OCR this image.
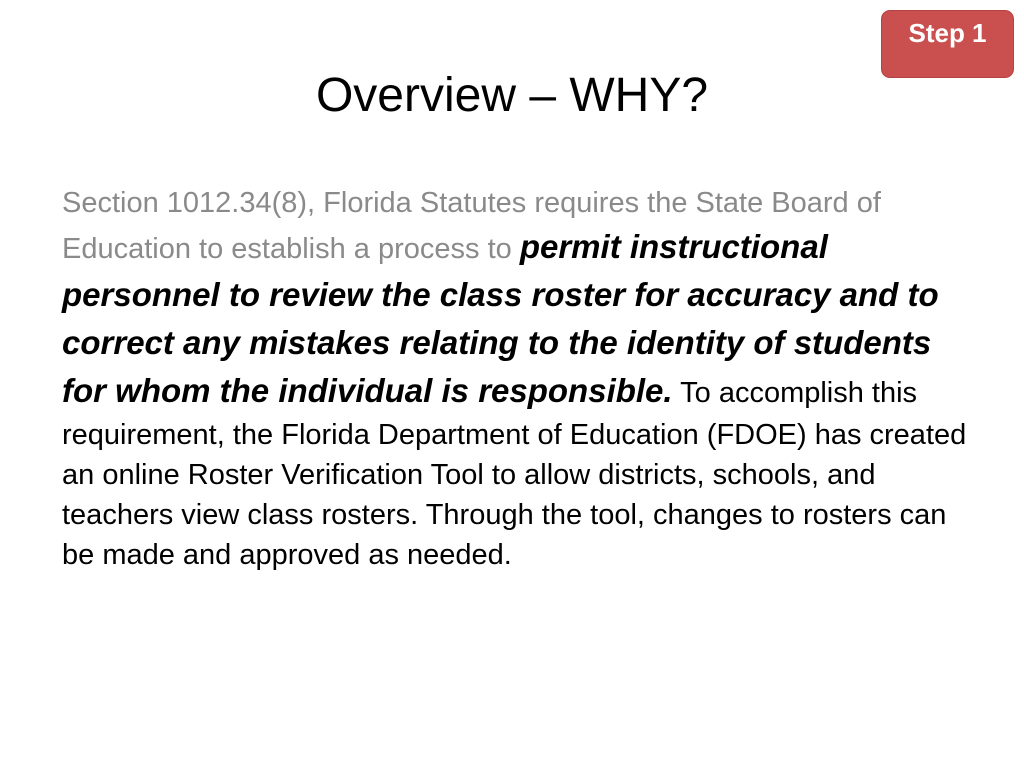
Step 1
Overview – WHY?

Section 1012.34(8), Florida Statutes requires the State Board of Education to establish a process to permit instructional personnel to review the class roster for accuracy and to correct any mistakes relating to the identity of students for whom the individual is responsible. To accomplish this requirement, the Florida Department of Education (FDOE) has created an online Roster Verification Tool to allow districts, schools, and teachers view class rosters. Through the tool, changes to rosters can be made and approved as needed.
